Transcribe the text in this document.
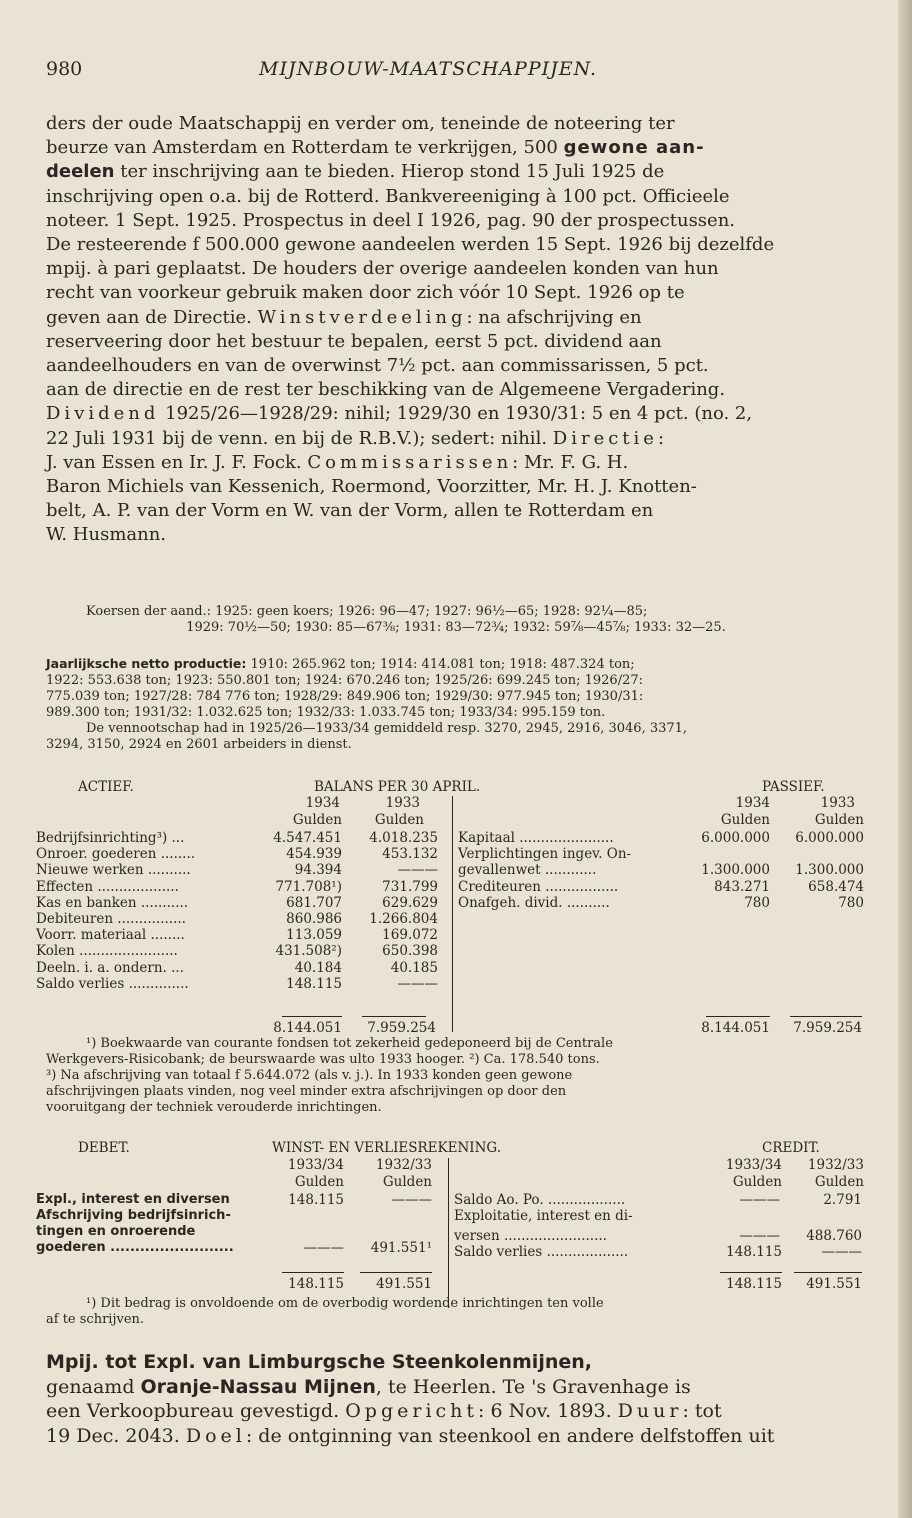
980	MIJNBOUW-MAATSCHAPPIJEN.

ders der oude Maatschappij en verder om, teneinde de noteering ter

beurze van Amsterdam en Rotterdam te verkrijgen, 500 gewone aan-

deelen ter inschrijving aan te bieden. Hierop stond 15 Juli 1925 de

inschrijving open o.a. bij de Rotterd. Bankvereeniging à 100 pct. Officieele

noteer. 1 Sept. 1925. Prospectus in deel I 1926, pag. 90 der prospectussen.

De resteerende f 500.000 gewone aandeelen werden 15 Sept. 1926 bij dezelfde

mpij. à pari geplaatst. De houders der overige aandeelen konden van hun

recht van voorkeur gebruik maken door zich vóór 10 Sept. 1926 op te

geven aan de Directie. Winstverdeeling: na afschrijving en

reserveering door het bestuur te bepalen, eerst 5 pct. dividend aan

aandeelhouders en van de overwinst 7½ pct. aan commissarissen, 5 pct.

aan de directie en de rest ter beschikking van de Algemeene Vergadering.

Dividend 1925/26—1928/29: nihil; 1929/30 en 1930/31: 5 en 4 pct. (no. 2,

22 Juli 1931 bij de venn. en bij de R.B.V.); sedert: nihil. Directie:

J. van Essen en Ir. J. F. Fock. Commissarissen: Mr. F. G. H.

Baron Michiels van Kessenich, Roermond, Voorzitter, Mr. H. J. Knotten-

belt, A. P. van der Vorm en W. van der Vorm, allen te Rotterdam en

W. Husmann.

Koersen der aand.: 1925: geen koers; 1926: 96—47; 1927: 96½—65; 1928: 92¼—85;

1929: 70½—50; 1930: 85—67⅜; 1931: 83—72¾; 1932: 59⅞—45⅞; 1933: 32—25.

Jaarlijksche netto productie: 1910: 265.962 ton; 1914: 414.081 ton; 1918: 487.324 ton;

1922: 553.638 ton; 1923: 550.801 ton; 1924: 670.246 ton; 1925/26: 699.245 ton; 1926/27:

775.039 ton; 1927/28: 784 776 ton; 1928/29: 849.906 ton; 1929/30: 977.945 ton; 1930/31:

989.300 ton; 1931/32: 1.032.625 ton; 1932/33: 1.033.745 ton; 1933/34: 995.159 ton.

De vennootschap had in 1925/26—1933/34 gemiddeld resp. 3270, 2945, 2916, 3046, 3371,

3294, 3150, 2924 en 2601 arbeiders in dienst.

ACTIEF.	BALANS PER 30 APRIL.	PASSIEF.
1934	1933
Gulden	Gulden
1934	1933
Gulden	Gulden
Bedrijfsinrichting³) ...	4.547.451	4.018.235
Onroer. goederen ........	454.939	453.132
Nieuwe werken ..........	94.394	———
Effecten ...................	771.708¹)	731.799
Kas en banken ...........	681.707	629.629
Debiteuren ................	860.986	1.266.804
Voorr. materiaal ........	113.059	169.072
Kolen .......................	431.508²)	650.398
Deeln. i. a. ondern. ...	40.184	40.185
Saldo verlies ..............	148.115	———
Kapitaal ......................	6.000.000	6.000.000
Verplichtingen ingev. On-
gevallenwet ............	1.300.000	1.300.000
Crediteuren .................	843.271	658.474
Onafgeh. divid. ..........	780	780
8.144.051	7.959.254	8.144.051	7.959.254

¹) Boekwaarde van courante fondsen tot zekerheid gedeponeerd bij de Centrale

Werkgevers-Risicobank; de beurswaarde was ulto 1933 hooger. ²) Ca. 178.540 tons.

³) Na afschrijving van totaal f 5.644.072 (als v. j.). In 1933 konden geen gewone

afschrijvingen plaats vinden, nog veel minder extra afschrijvingen op door den

vooruitgang der techniek verouderde inrichtingen.

DEBET.	WINST- EN VERLIESREKENING.	CREDIT.
1933/34	1932/33
Gulden	Gulden
1933/34	1932/33
Gulden	Gulden
Expl., interest en diversen	148.115	———
Afschrijving bedrijfsinrich-
tingen en onroerende
goederen .........................	———	491.551¹
Saldo Ao. Po. ..................	———	2.791
Exploitatie, interest en di-
versen ........................	———	488.760
Saldo verlies ...................	148.115	———
148.115	491.551	148.115	491.551

¹) Dit bedrag is onvoldoende om de overbodig wordende inrichtingen ten volle

af te schrijven.

Mpij. tot Expl. van Limburgsche Steenkolenmijnen,

genaamd Oranje-Nassau Mijnen, te Heerlen. Te 's Gravenhage is

een Verkoopbureau gevestigd. Opgericht: 6 Nov. 1893. Duur: tot

19 Dec. 2043. Doel: de ontginning van steenkool en andere delfstoffen uit
